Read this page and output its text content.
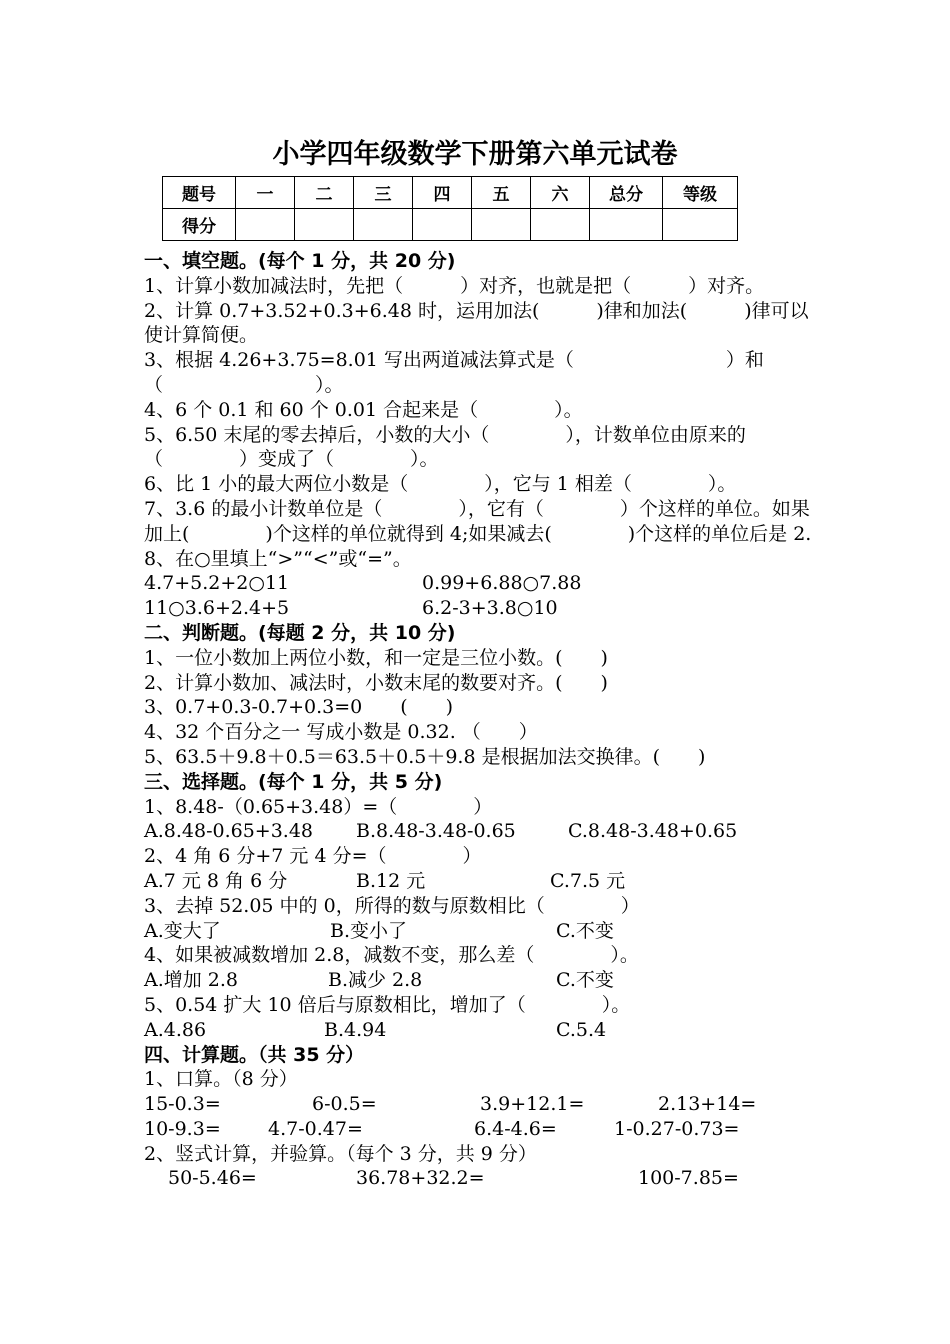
小学四年级数学下册第六单元试卷
题号	一	二	三	四	五	六	总分	等级
得分								
一、填空题。(每个 1 分，共 20 分)
1、计算小数加减法时，先把（　　　）对齐，也就是把（　　　）对齐。
2、计算 0.7+3.52+0.3+6.48 时，运用加法(　　　)律和加法(　　　)律可以使计算简便。
3、根据 4.26+3.75=8.01 写出两道减法算式是（　　　　　　　　）和（　　　　　　　　）。
4、6 个 0.1 和 60 个 0.01 合起来是（　　　　）。
5、6.50 末尾的零去掉后，小数的大小（　　　　），计数单位由原来的（　　　　）变成了（　　　　）。
6、比 1 小的最大两位小数是（　　　　），它与 1 相差（　　　　）。
7、3.6 的最小计数单位是（　　　　），它有（　　　　）个这样的单位。如果加上(　　　　)个这样的单位就得到 4;如果减去(　　　　)个这样的单位后是 2.
8、在○里填上“>”“<”或“=”。
4.7+5.2+2○11	0.99+6.88○7.88
11○3.6+2.4+5	6.2-3+3.8○10
二、判断题。(每题 2 分，共 10 分)
1、一位小数加上两位小数，和一定是三位小数。(　　)
2、计算小数加、减法时，小数末尾的数要对齐。(　　)
3、0.7+0.3-0.7+0.3=0　　(　　)
4、32 个百分之一 写成小数是 0.32. （　　）
5、63.5＋9.8＋0.5＝63.5＋0.5＋9.8 是根据加法交换律。(　　)
三、选择题。(每个 1 分，共 5 分)
1、8.48-（0.65+3.48）=（　　　　）
A.8.48-0.65+3.48 B.8.48-3.48-0.65	C.8.48-3.48+0.65
2、4 角 6 分+7 元 4 分=（　　　　）
A.7 元 8 角 6 分	B.12 元	C.7.5 元
3、去掉 52.05 中的 0，所得的数与原数相比（　　　　）
A.变大了	B.变小了	C.不变
4、如果被减数增加 2.8，减数不变，那么差（　　　　）。
A.增加 2.8	B.减少 2.8	C.不变
5、0.54 扩大 10 倍后与原数相比，增加了（　　　　）。
A.4.86	B.4.94	C.5.4
四、计算题。（共 35 分）
1、口算。（8 分）
15-0.3=	6-0.5=	3.9+12.1=	2.13+14=
10-9.3= 4.7-0.47=	6.4-4.6=	1-0.27-0.73=
2、竖式计算，并验算。（每个 3 分，共 9 分）
50-5.46=	36.78+32.2=	100-7.85=
